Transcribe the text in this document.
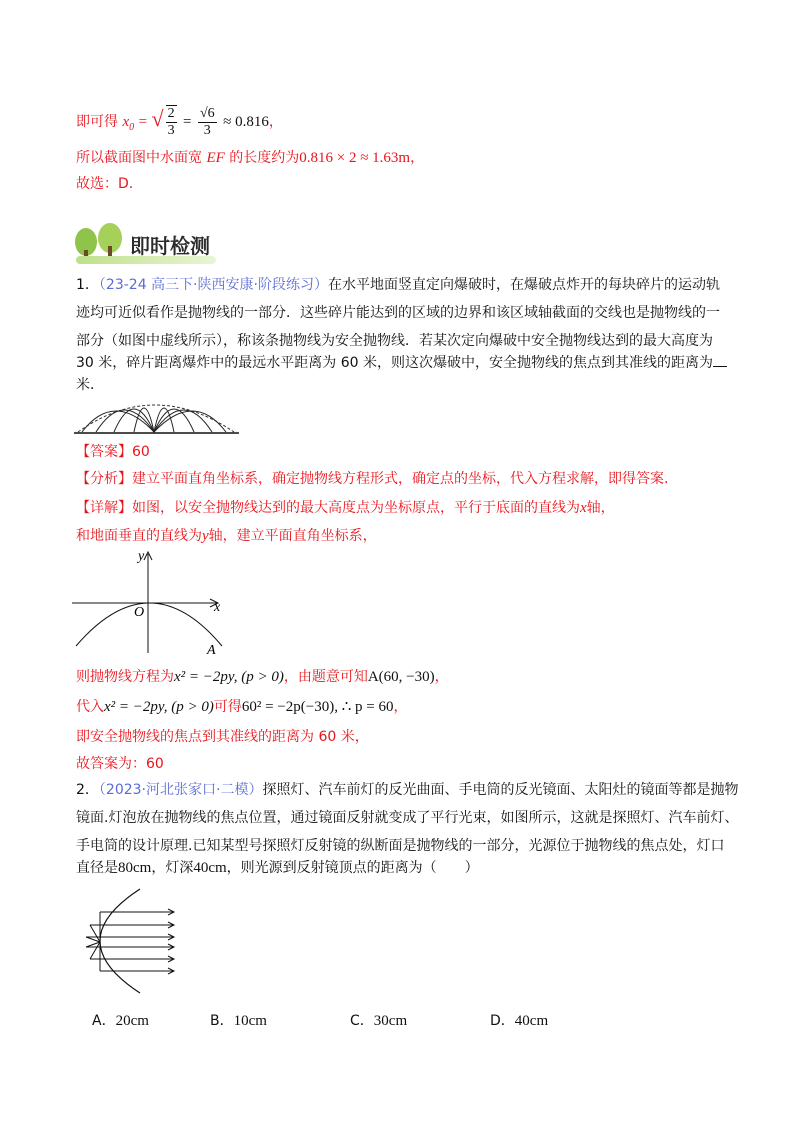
即可得 $x_0$ = √ $\frac{2}{3} = \frac{√6}{3} \approx 0.816$，
所以截面图中水面宽 EF 的长度约为0.816 × 2 ≈ 1.63m，
故选：D.
即时检测
1．（23-24 高三下·陕西安康·阶段练习）在水平地面竖直定向爆破时，在爆破点炸开的每块碎片的运动轨
迹均可近似看作是抛物线的一部分．这些碎片能达到的区域的边界和该区域轴截面的交线也是抛物线的一
部分（如图中虚线所示），称该条抛物线为安全抛物线．若某次定向爆破中安全抛物线达到的最大高度为
30 米，碎片距离爆炸中的最远水平距离为 60 米，则这次爆破中，安全抛物线的焦点到其准线的距离为
米．
【答案】60
【分析】建立平面直角坐标系，确定抛物线方程形式，确定点的坐标，代入方程求解，即得答案.
【详解】如图，以安全抛物线达到的最大高度点为坐标原点，平行于底面的直线为x轴，
和地面垂直的直线为y轴，建立平面直角坐标系，
y
x
O
A
则抛物线方程为x² = −2py, (p > 0)，由题意可知A(60, −30)，
代入x² = −2py, (p > 0)可得60² = −2p(−30), ∴ p = 60，
即安全抛物线的焦点到其准线的距离为 60 米，
故答案为：60
2．（2023·河北张家口·二模）探照灯、汽车前灯的反光曲面、手电筒的反光镜面、太阳灶的镜面等都是抛物
镜面.灯泡放在抛物线的焦点位置，通过镜面反射就变成了平行光束，如图所示，这就是探照灯、汽车前灯、
手电筒的设计原理.已知某型号探照灯反射镜的纵断面是抛物线的一部分，光源位于抛物线的焦点处，灯口
直径是80cm，灯深40cm，则光源到反射镜顶点的距离为（　　）
A．20cm	B．10cm	C．30cm	D．40cm
